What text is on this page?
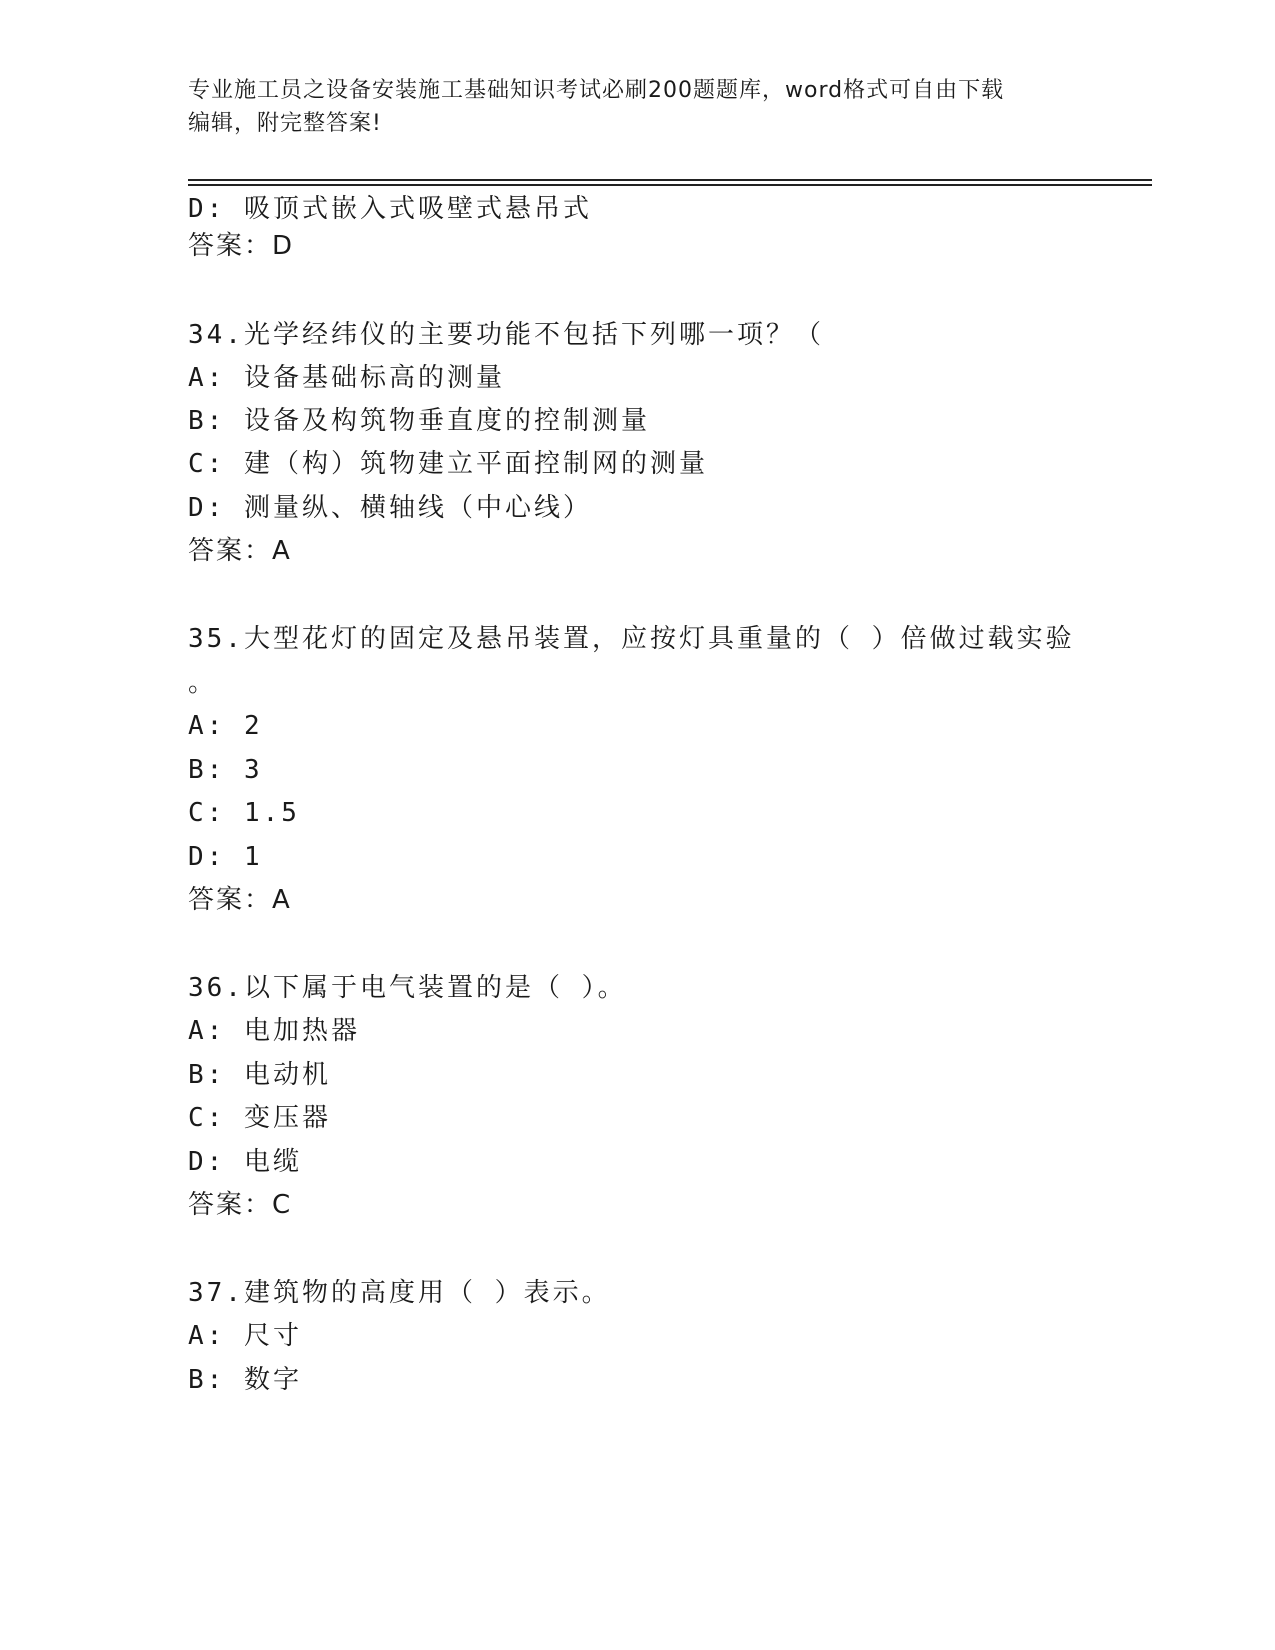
专业施工员之设备安装施工基础知识考试必刷200题题库，word格式可自由下载
编辑，附完整答案!
D: 吸顶式嵌入式吸壁式悬吊式
答案：D
34.光学经纬仪的主要功能不包括下列哪一项？（
A: 设备基础标高的测量
B: 设备及构筑物垂直度的控制测量
C: 建（构）筑物建立平面控制网的测量
D: 测量纵、横轴线（中心线）
答案：A
35.大型花灯的固定及悬吊装置，应按灯具重量的（ ）倍做过载实验
。
A: 2
B: 3
C: 1.5
D: 1
答案：A
36.以下属于电气装置的是（ ）。
A: 电加热器
B: 电动机
C: 变压器
D: 电缆
答案：C
37.建筑物的高度用（ ）表示。
A: 尺寸
B: 数字
